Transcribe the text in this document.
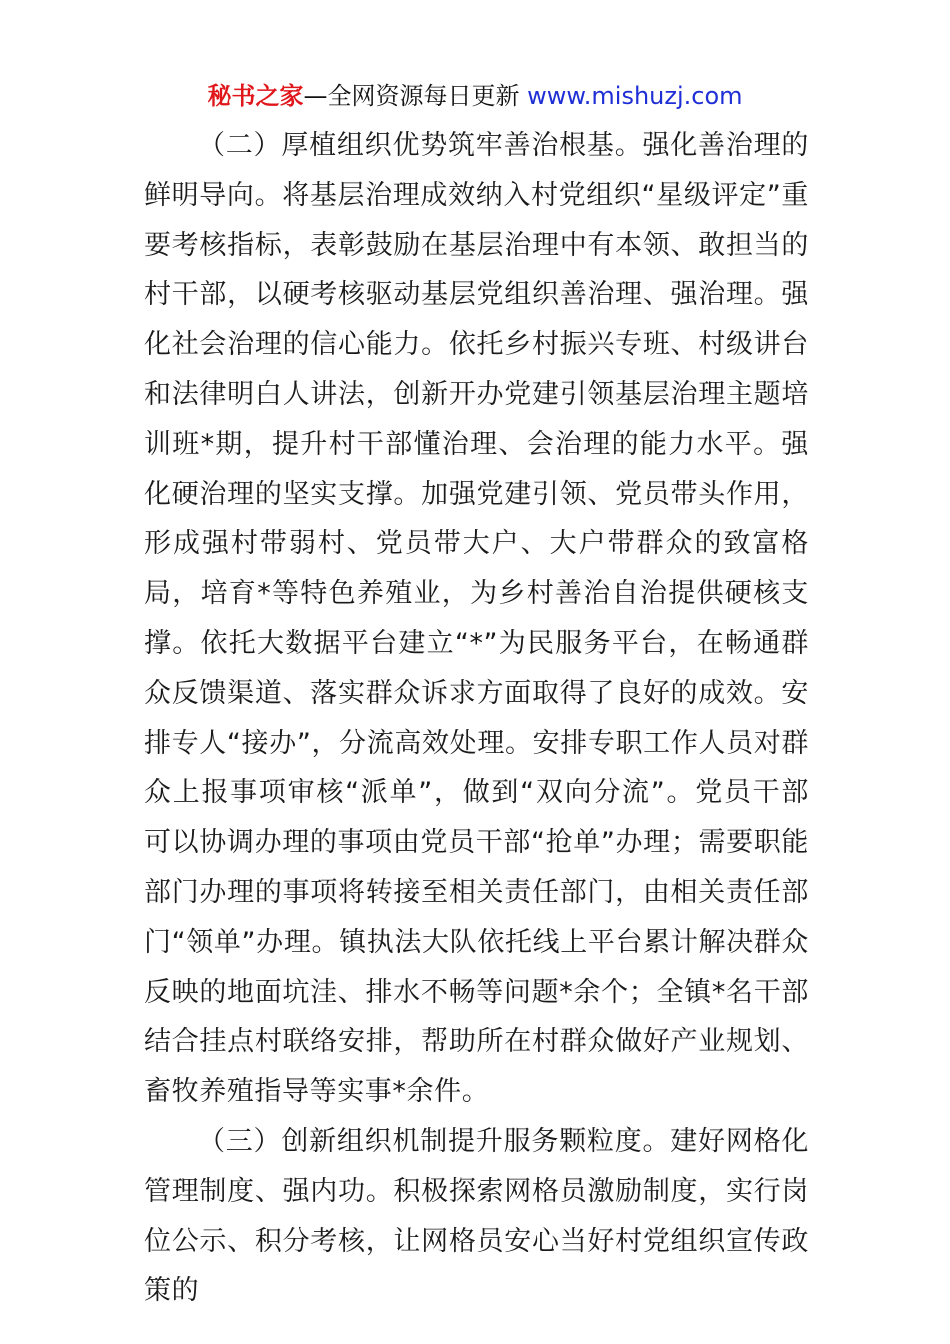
秘书之家—全网资源每日更新 www.mishuzj.com

（二）厚植组织优势筑牢善治根基。强化善治理的鲜明导向。将基层治理成效纳入村党组织“星级评定”重要考核指标，表彰鼓励在基层治理中有本领、敢担当的村干部，以硬考核驱动基层党组织善治理、强治理。强化社会治理的信心能力。依托乡村振兴专班、村级讲台和法律明白人讲法，创新开办党建引领基层治理主题培训班*期，提升村干部懂治理、会治理的能力水平。强化硬治理的坚实支撑。加强党建引领、党员带头作用，形成强村带弱村、党员带大户、大户带群众的致富格局，培育*等特色养殖业，为乡村善治自治提供硬核支撑。依托大数据平台建立“*”为民服务平台，在畅通群众反馈渠道、落实群众诉求方面取得了良好的成效。安排专人“接办”，分流高效处理。安排专职工作人员对群众上报事项审核“派单”，做到“双向分流”。党员干部可以协调办理的事项由党员干部“抢单”办理；需要职能部门办理的事项将转接至相关责任部门，由相关责任部门“领单”办理。镇执法大队依托线上平台累计解决群众反映的地面坑洼、排水不畅等问题*余个；全镇*名干部结合挂点村联络安排，帮助所在村群众做好产业规划、畜牧养殖指导等实事*余件。

（三）创新组织机制提升服务颗粒度。建好网格化管理制度、强内功。积极探索网格员激励制度，实行岗位公示、积分考核，让网格员安心当好村党组织宣传政策的
